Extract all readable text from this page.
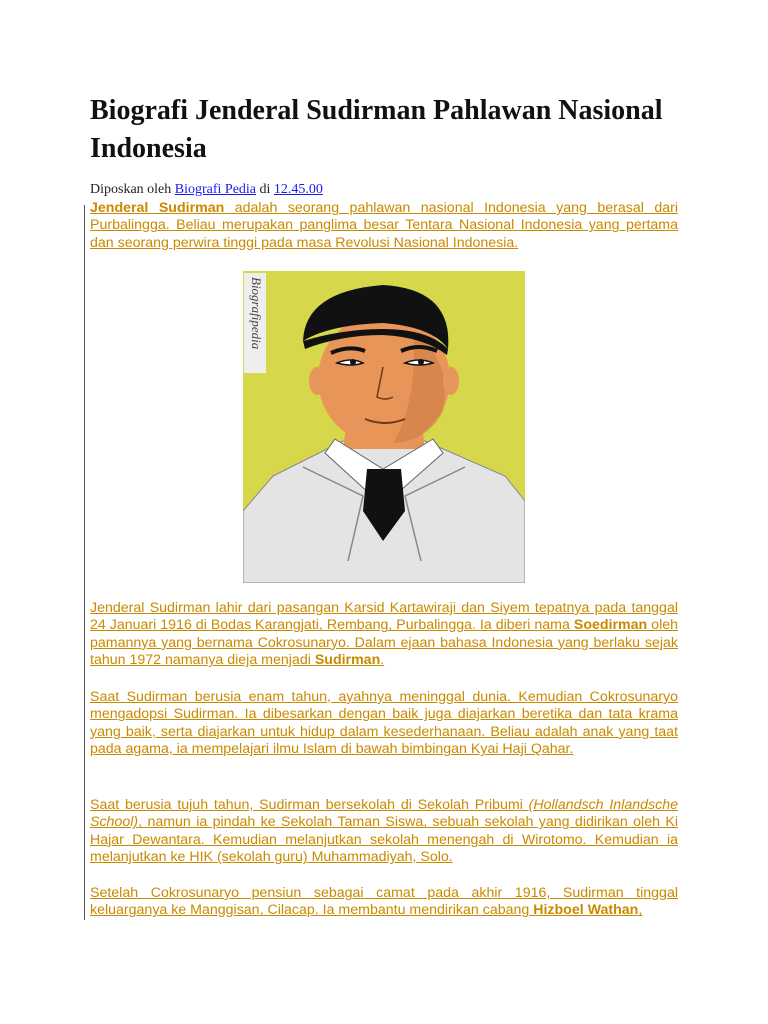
Biografi Jenderal Sudirman Pahlawan Nasional Indonesia
Diposkan oleh Biografi Pedia di 12.45.00

Jenderal Sudirman adalah seorang pahlawan nasional Indonesia yang berasal dari Purbalingga. Beliau merupakan panglima besar Tentara Nasional Indonesia yang pertama dan seorang perwira tinggi pada masa Revolusi Nasional Indonesia.

Biografipedia

Jenderal Sudirman lahir dari pasangan Karsid Kartawiraji dan Siyem tepatnya pada tanggal 24 Januari 1916 di Bodas Karangjati, Rembang, Purbalingga. Ia diberi nama Soedirman oleh pamannya yang bernama Cokrosunaryo. Dalam ejaan bahasa Indonesia yang berlaku sejak tahun 1972 namanya dieja menjadi Sudirman.

Saat Sudirman berusia enam tahun, ayahnya meninggal dunia. Kemudian Cokrosunaryo mengadopsi Sudirman. Ia dibesarkan dengan baik juga diajarkan beretika dan tata krama yang baik, serta diajarkan untuk hidup dalam kesederhanaan. Beliau adalah anak yang taat pada agama, ia mempelajari ilmu Islam di bawah bimbingan Kyai Haji Qahar.

Saat berusia tujuh tahun, Sudirman bersekolah di Sekolah Pribumi (Hollandsch Inlandsche School), namun ia pindah ke Sekolah Taman Siswa, sebuah sekolah yang didirikan oleh Ki Hajar Dewantara. Kemudian melanjutkan sekolah menengah di Wirotomo. Kemudian ia melanjutkan ke HIK (sekolah guru) Muhammadiyah, Solo.

Setelah Cokrosunaryo pensiun sebagai camat pada akhir 1916, Sudirman tinggal keluarganya ke Manggisan, Cilacap. Ia membantu mendirikan cabang Hizboel Wathan,
